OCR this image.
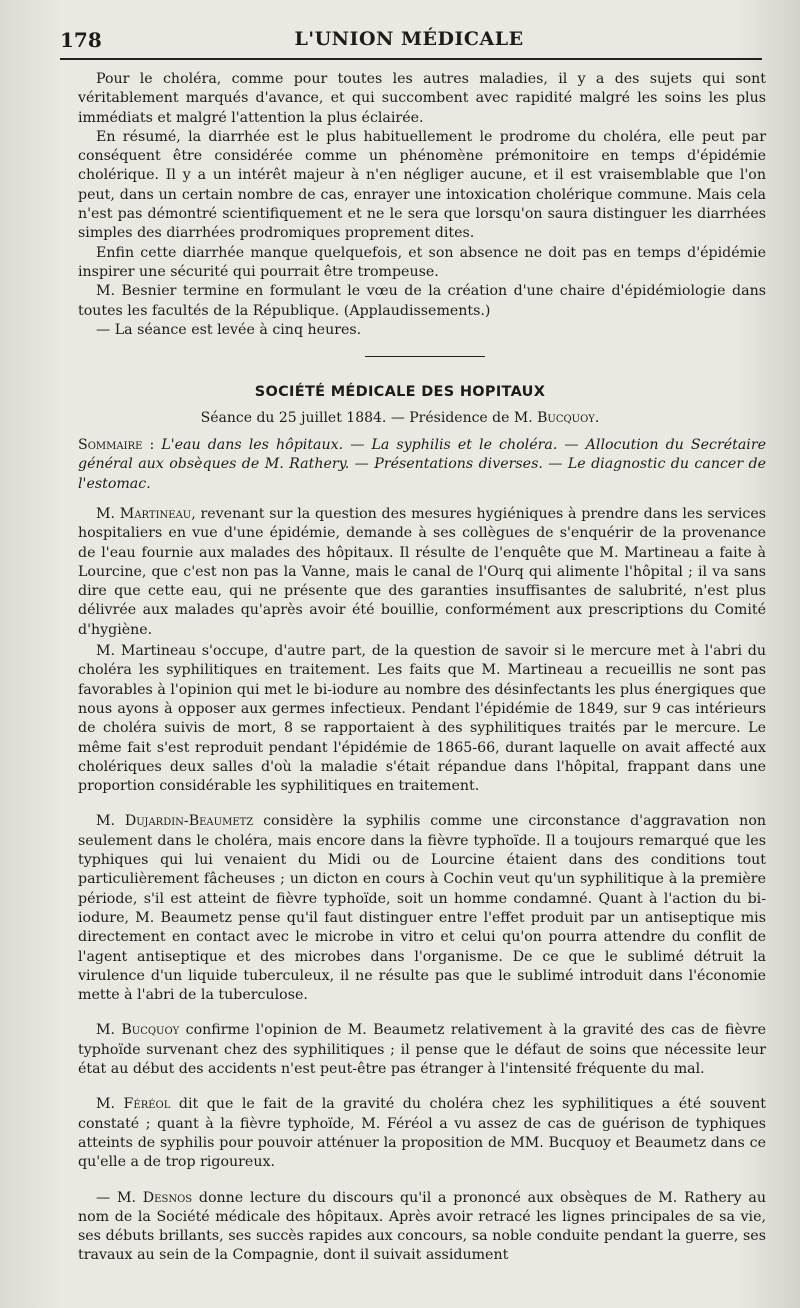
178	L'UNION MÉDICALE

Pour le choléra, comme pour toutes les autres maladies, il y a des sujets qui sont véritablement marqués d'avance, et qui succombent avec rapidité malgré les soins les plus immédiats et malgré l'attention la plus éclairée.

En résumé, la diarrhée est le plus habituellement le prodrome du choléra, elle peut par conséquent être considérée comme un phénomène prémonitoire en temps d'épidémie cholérique. Il y a un intérêt majeur à n'en négliger aucune, et il est vraisemblable que l'on peut, dans un certain nombre de cas, enrayer une intoxication cholérique commune. Mais cela n'est pas démontré scientifiquement et ne le sera que lorsqu'on saura distinguer les diarrhées simples des diarrhées prodromiques proprement dites.

Enfin cette diarrhée manque quelquefois, et son absence ne doit pas en temps d'épidémie inspirer une sécurité qui pourrait être trompeuse.

M. Besnier termine en formulant le vœu de la création d'une chaire d'épidémiologie dans toutes les facultés de la République. (Applaudissements.)

— La séance est levée à cinq heures.

SOCIÉTÉ MÉDICALE DES HOPITAUX
Séance du 25 juillet 1884. — Présidence de M. Bucquoy.
Sommaire : L'eau dans les hôpitaux. — La syphilis et le choléra. — Allocution du Secrétaire général aux obsèques de M. Rathery. — Présentations diverses. — Le diagnostic du cancer de l'estomac.

M. Martineau, revenant sur la question des mesures hygiéniques à prendre dans les services hospitaliers en vue d'une épidémie, demande à ses collègues de s'enquérir de la provenance de l'eau fournie aux malades des hôpitaux. Il résulte de l'enquête que M. Martineau a faite à Lourcine, que c'est non pas la Vanne, mais le canal de l'Ourq qui alimente l'hôpital ; il va sans dire que cette eau, qui ne présente que des garanties insuffisantes de salubrité, n'est plus délivrée aux malades qu'après avoir été bouillie, conformément aux prescriptions du Comité d'hygiène.

M. Martineau s'occupe, d'autre part, de la question de savoir si le mercure met à l'abri du choléra les syphilitiques en traitement. Les faits que M. Martineau a recueillis ne sont pas favorables à l'opinion qui met le bi-iodure au nombre des désinfectants les plus énergiques que nous ayons à opposer aux germes infectieux. Pendant l'épidémie de 1849, sur 9 cas intérieurs de choléra suivis de mort, 8 se rapportaient à des syphilitiques traités par le mercure. Le même fait s'est reproduit pendant l'épidémie de 1865-66, durant laquelle on avait affecté aux cholériques deux salles d'où la maladie s'était répandue dans l'hôpital, frappant dans une proportion considérable les syphilitiques en traitement.

M. Dujardin-Beaumetz considère la syphilis comme une circonstance d'aggravation non seulement dans le choléra, mais encore dans la fièvre typhoïde. Il a toujours remarqué que les typhiques qui lui venaient du Midi ou de Lourcine étaient dans des conditions tout particulièrement fâcheuses ; un dicton en cours à Cochin veut qu'un syphilitique à la première période, s'il est atteint de fièvre typhoïde, soit un homme condamné. Quant à l'action du bi-iodure, M. Beaumetz pense qu'il faut distinguer entre l'effet produit par un antiseptique mis directement en contact avec le microbe in vitro et celui qu'on pourra attendre du conflit de l'agent antiseptique et des microbes dans l'organisme. De ce que le sublimé détruit la virulence d'un liquide tuberculeux, il ne résulte pas que le sublimé introduit dans l'économie mette à l'abri de la tuberculose.

M. Bucquoy confirme l'opinion de M. Beaumetz relativement à la gravité des cas de fièvre typhoïde survenant chez des syphilitiques ; il pense que le défaut de soins que nécessite leur état au début des accidents n'est peut-être pas étranger à l'intensité fréquente du mal.

M. Féréol dit que le fait de la gravité du choléra chez les syphilitiques a été souvent constaté ; quant à la fièvre typhoïde, M. Féréol a vu assez de cas de guérison de typhiques atteints de syphilis pour pouvoir atténuer la proposition de MM. Bucquoy et Beaumetz dans ce qu'elle a de trop rigoureux.

— M. Desnos donne lecture du discours qu'il a prononcé aux obsèques de M. Rathery au nom de la Société médicale des hôpitaux. Après avoir retracé les lignes principales de sa vie, ses débuts brillants, ses succès rapides aux concours, sa noble conduite pendant la guerre, ses travaux au sein de la Compagnie, dont il suivait assidument
